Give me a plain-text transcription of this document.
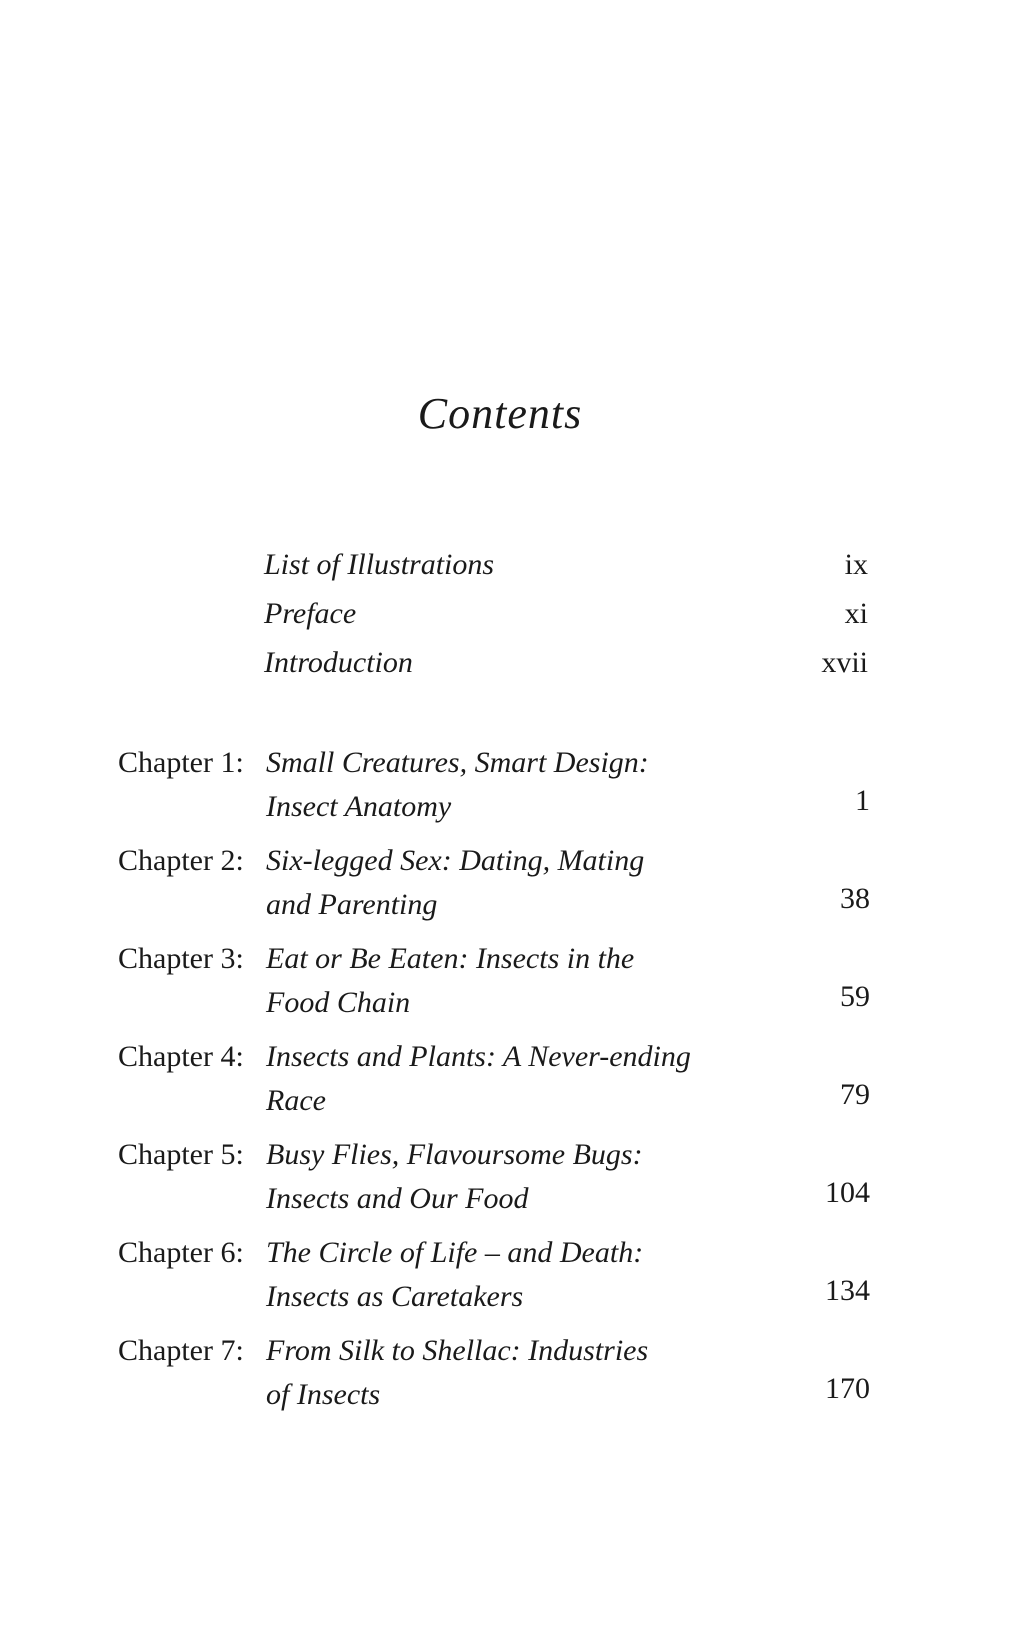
Contents
List of Illustrations	ix
Preface	xi
Introduction	xvii
Chapter 1: Small Creatures, Smart Design:
Insect Anatomy	1
Chapter 2: Six-legged Sex: Dating, Mating
and Parenting	38
Chapter 3: Eat or Be Eaten: Insects in the
Food Chain	59
Chapter 4: Insects and Plants: A Never-ending
Race	79
Chapter 5: Busy Flies, Flavoursome Bugs:
Insects and Our Food	104
Chapter 6: The Circle of Life – and Death:
Insects as Caretakers	134
Chapter 7: From Silk to Shellac: Industries
of Insects	170
